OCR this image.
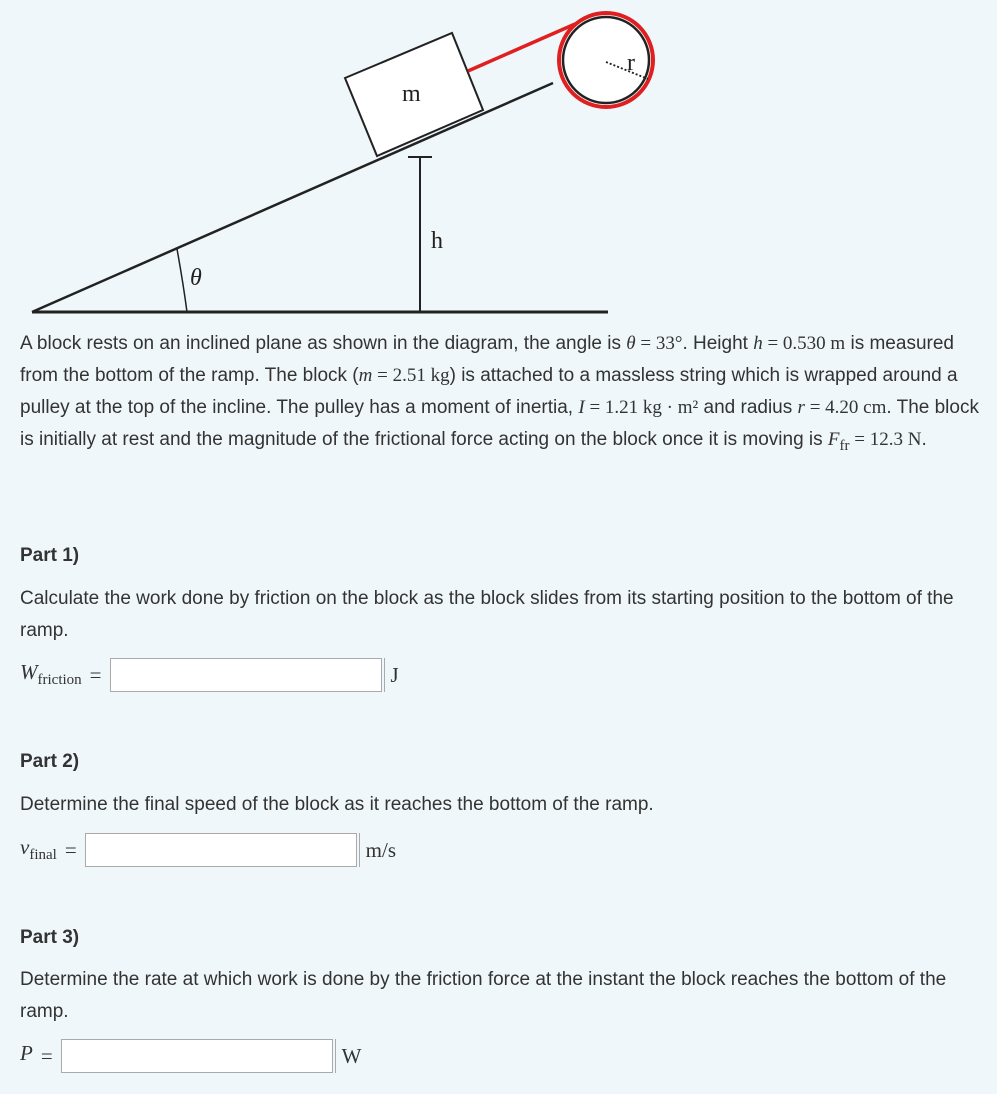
θ
m
h
r

A block rests on an inclined plane as shown in the diagram, the angle is θ = 33°. Height h = 0.530 m is measured from the bottom of the ramp. The block (m = 2.51 kg) is attached to a massless string which is wrapped around a pulley at the top of the incline. The pulley has a moment of inertia, I = 1.21 kg · m² and radius r = 4.20 cm. The block is initially at rest and the magnitude of the frictional force acting on the block once it is moving is $F_{fr} = 12.3$ N.

Part 1)

Calculate the work done by friction on the block as the block slides from its starting position to the bottom of the ramp.

$W_{friction}$ =	J
Part 2)

Determine the final speed of the block as it reaches the bottom of the ramp.

$v_{final}$ =	m/s
Part 3)

Determine the rate at which work is done by the friction force at the instant the block reaches the bottom of the ramp.

P =	W
